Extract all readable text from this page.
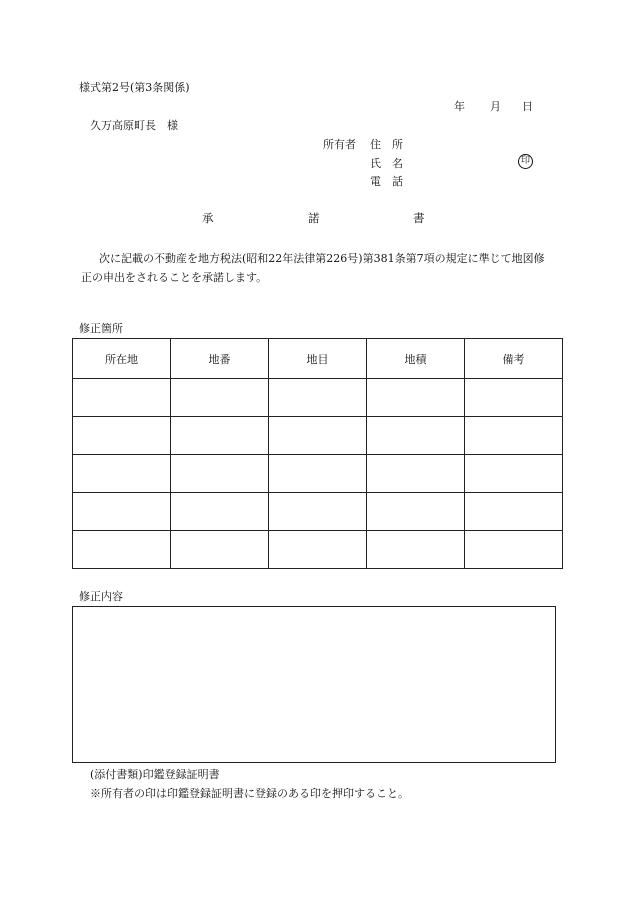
様式第2号(第3条関係)
年 月 日
久万高原町長　様
所有者 住　所
氏　名	印
電　話
承	諾	書
次に記載の不動産を地方税法(昭和22年法律第226号)第381条第7項の規定に準じて地図修正の申出をされることを承諾します。
修正箇所
所在地	地番	地目	地積	備考

修正内容
(添付書類)印鑑登録証明書
※所有者の印は印鑑登録証明書に登録のある印を押印すること。
